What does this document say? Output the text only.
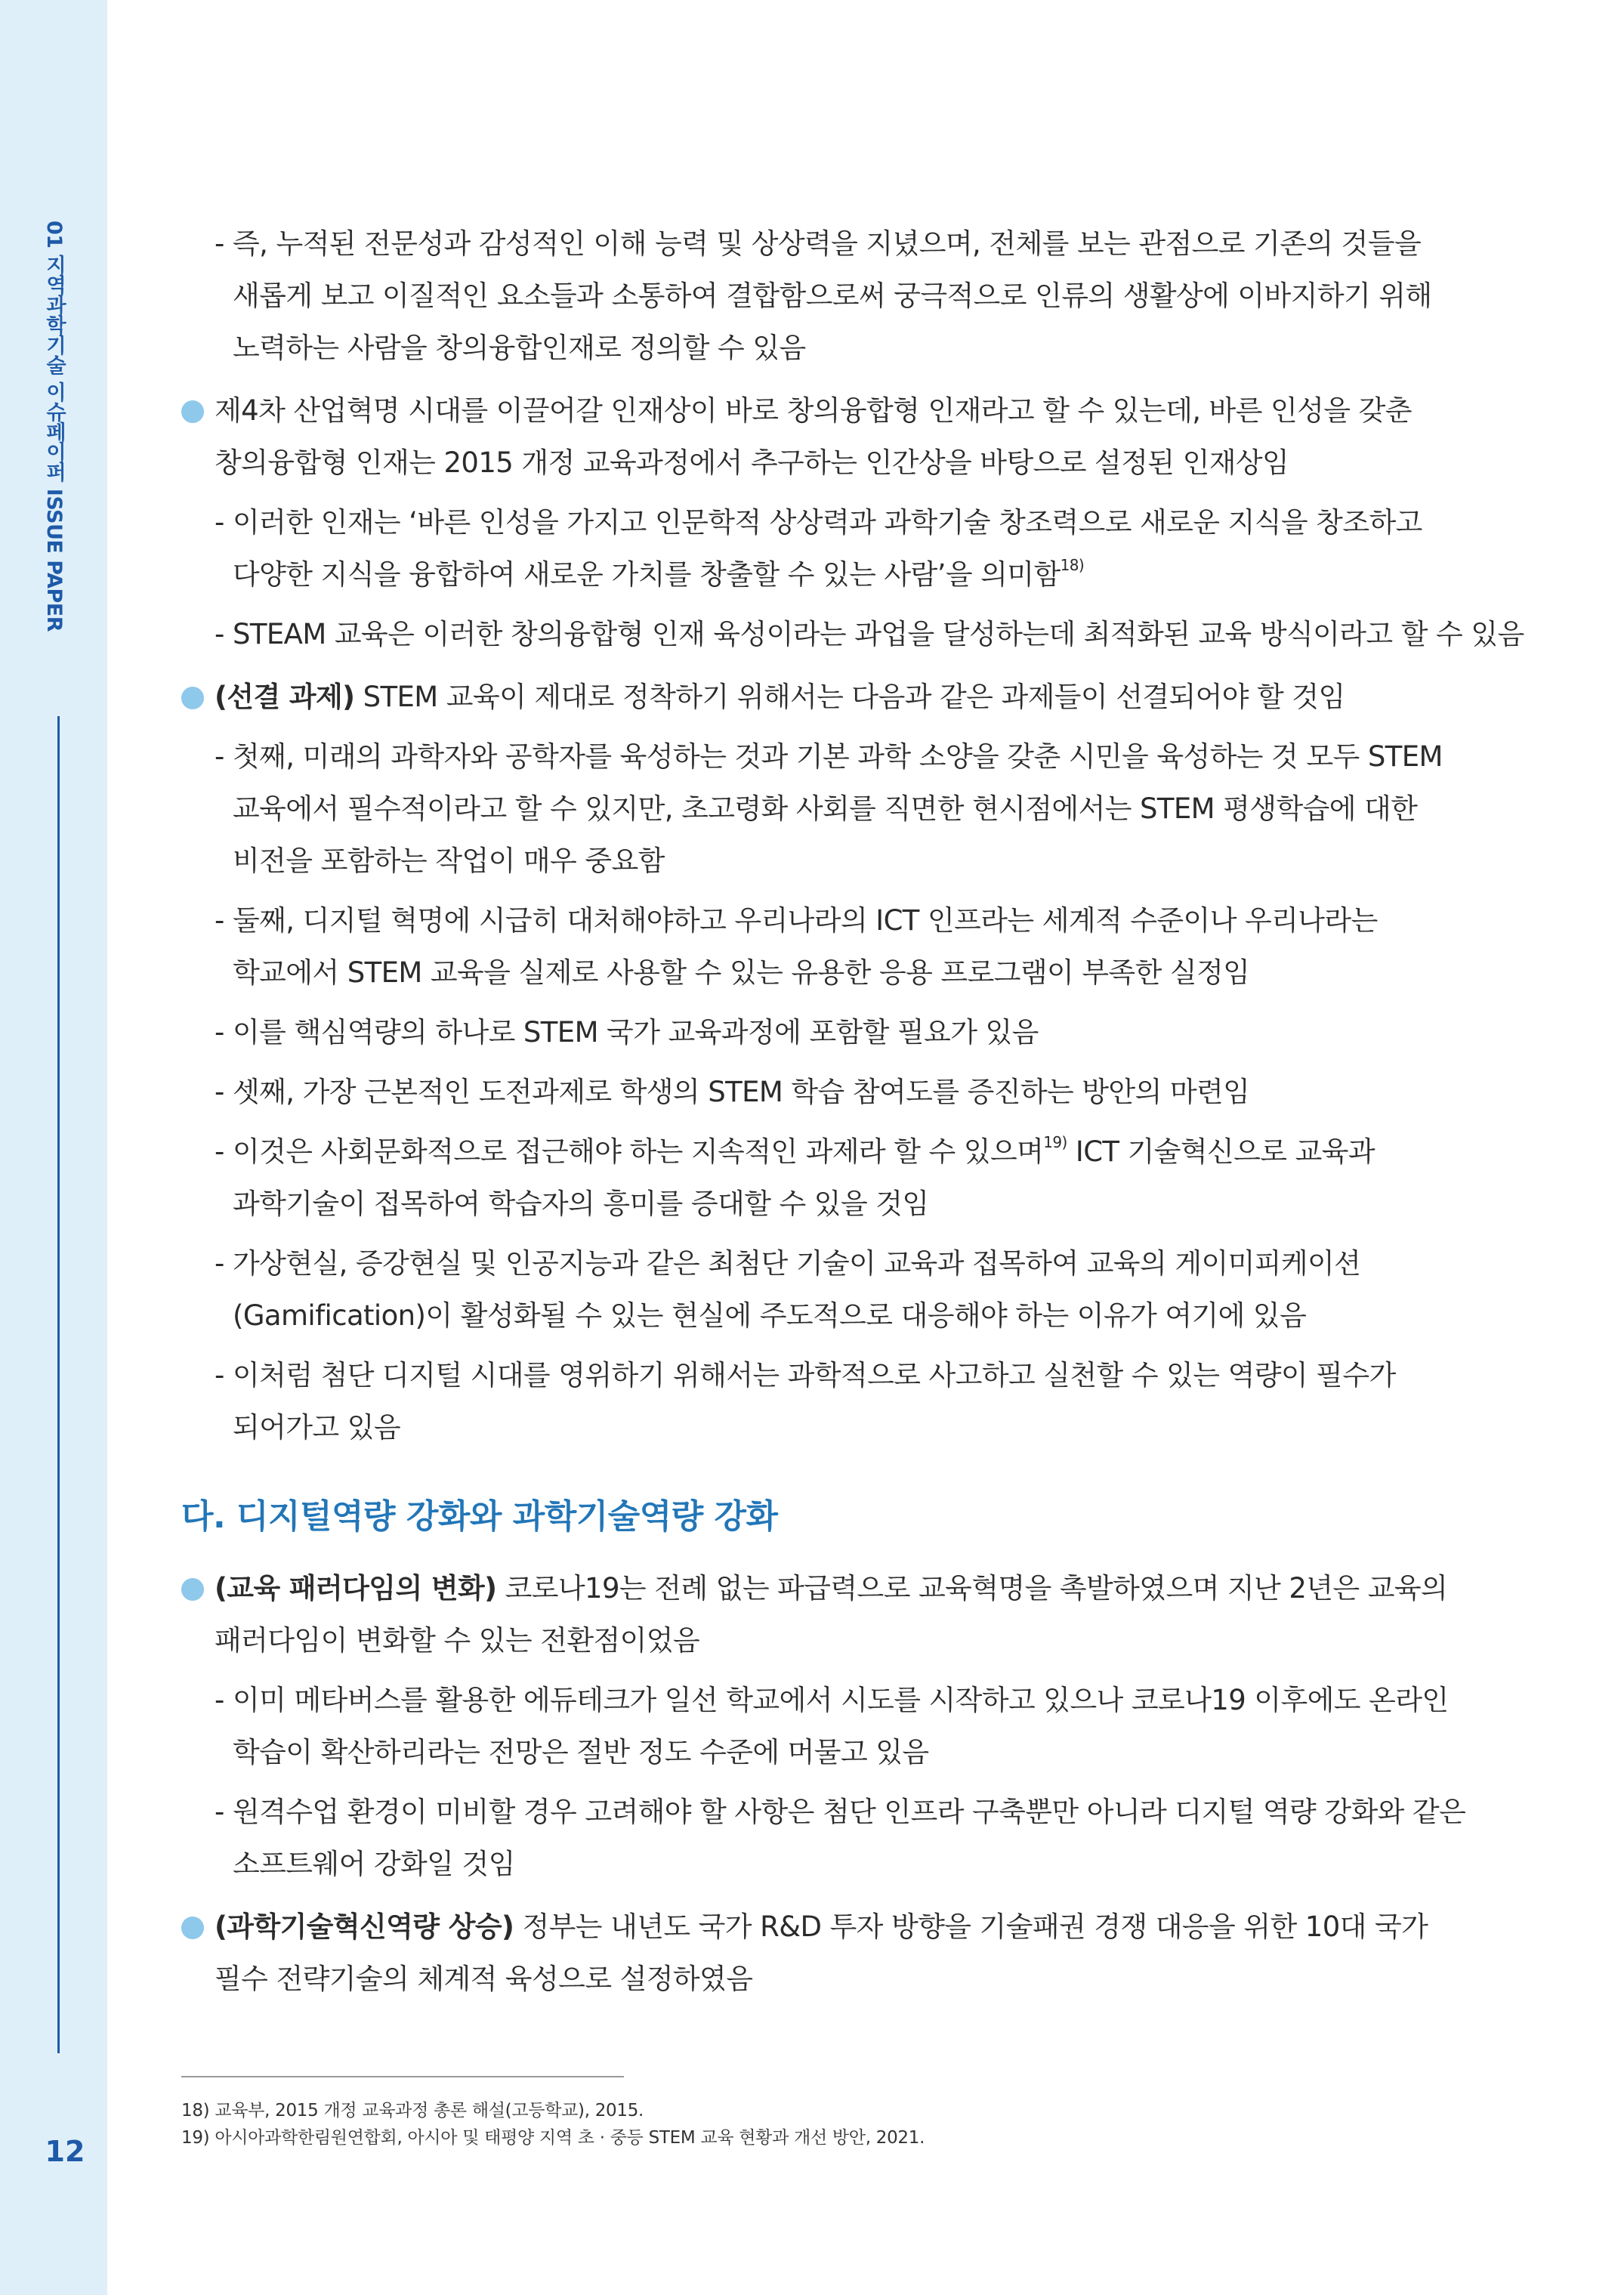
01 지역과학기술 이슈페이퍼 ISSUE PAPER
12
- 즉, 누적된 전문성과 감성적인 이해 능력 및 상상력을 지녔으며, 전체를 보는 관점으로 기존의 것들을
새롭게 보고 이질적인 요소들과 소통하여 결합함으로써 궁극적으로 인류의 생활상에 이바지하기 위해
노력하는 사람을 창의융합인재로 정의할 수 있음
제4차 산업혁명 시대를 이끌어갈 인재상이 바로 창의융합형 인재라고 할 수 있는데, 바른 인성을 갖춘
창의융합형 인재는 2015 개정 교육과정에서 추구하는 인간상을 바탕으로 설정된 인재상임
- 이러한 인재는 ‘바른 인성을 가지고 인문학적 상상력과 과학기술 창조력으로 새로운 지식을 창조하고
다양한 지식을 융합하여 새로운 가치를 창출할 수 있는 사람’을 의미함$^{18)}$
- STEAM 교육은 이러한 창의융합형 인재 육성이라는 과업을 달성하는데 최적화된 교육 방식이라고 할 수 있음
(선결 과제) STEM 교육이 제대로 정착하기 위해서는 다음과 같은 과제들이 선결되어야 할 것임
- 첫째, 미래의 과학자와 공학자를 육성하는 것과 기본 과학 소양을 갖춘 시민을 육성하는 것 모두 STEM
교육에서 필수적이라고 할 수 있지만, 초고령화 사회를 직면한 현시점에서는 STEM 평생학습에 대한
비전을 포함하는 작업이 매우 중요함
- 둘째, 디지털 혁명에 시급히 대처해야하고 우리나라의 ICT 인프라는 세계적 수준이나 우리나라는
학교에서 STEM 교육을 실제로 사용할 수 있는 유용한 응용 프로그램이 부족한 실정임
- 이를 핵심역량의 하나로 STEM 국가 교육과정에 포함할 필요가 있음
- 셋째, 가장 근본적인 도전과제로 학생의 STEM 학습 참여도를 증진하는 방안의 마련임
- 이것은 사회문화적으로 접근해야 하는 지속적인 과제라 할 수 있으며$^{19)}$ ICT 기술혁신으로 교육과
과학기술이 접목하여 학습자의 흥미를 증대할 수 있을 것임
- 가상현실, 증강현실 및 인공지능과 같은 최첨단 기술이 교육과 접목하여 교육의 게이미피케이션
(Gamification)이 활성화될 수 있는 현실에 주도적으로 대응해야 하는 이유가 여기에 있음
- 이처럼 첨단 디지털 시대를 영위하기 위해서는 과학적으로 사고하고 실천할 수 있는 역량이 필수가
되어가고 있음
다. 디지털역량 강화와 과학기술역량 강화
(교육 패러다임의 변화) 코로나19는 전례 없는 파급력으로 교육혁명을 촉발하였으며 지난 2년은 교육의
패러다임이 변화할 수 있는 전환점이었음
- 이미 메타버스를 활용한 에듀테크가 일선 학교에서 시도를 시작하고 있으나 코로나19 이후에도 온라인
학습이 확산하리라는 전망은 절반 정도 수준에 머물고 있음
- 원격수업 환경이 미비할 경우 고려해야 할 사항은 첨단 인프라 구축뿐만 아니라 디지털 역량 강화와 같은
소프트웨어 강화일 것임
(과학기술혁신역량 상승) 정부는 내년도 국가 R&D 투자 방향을 기술패권 경쟁 대응을 위한 10대 국가
필수 전략기술의 체계적 육성으로 설정하였음
18) 교육부, 2015 개정 교육과정 총론 해설(고등학교), 2015.
19) 아시아과학한림원연합회, 아시아 및 태평양 지역 초 · 중등 STEM 교육 현황과 개선 방안, 2021.
